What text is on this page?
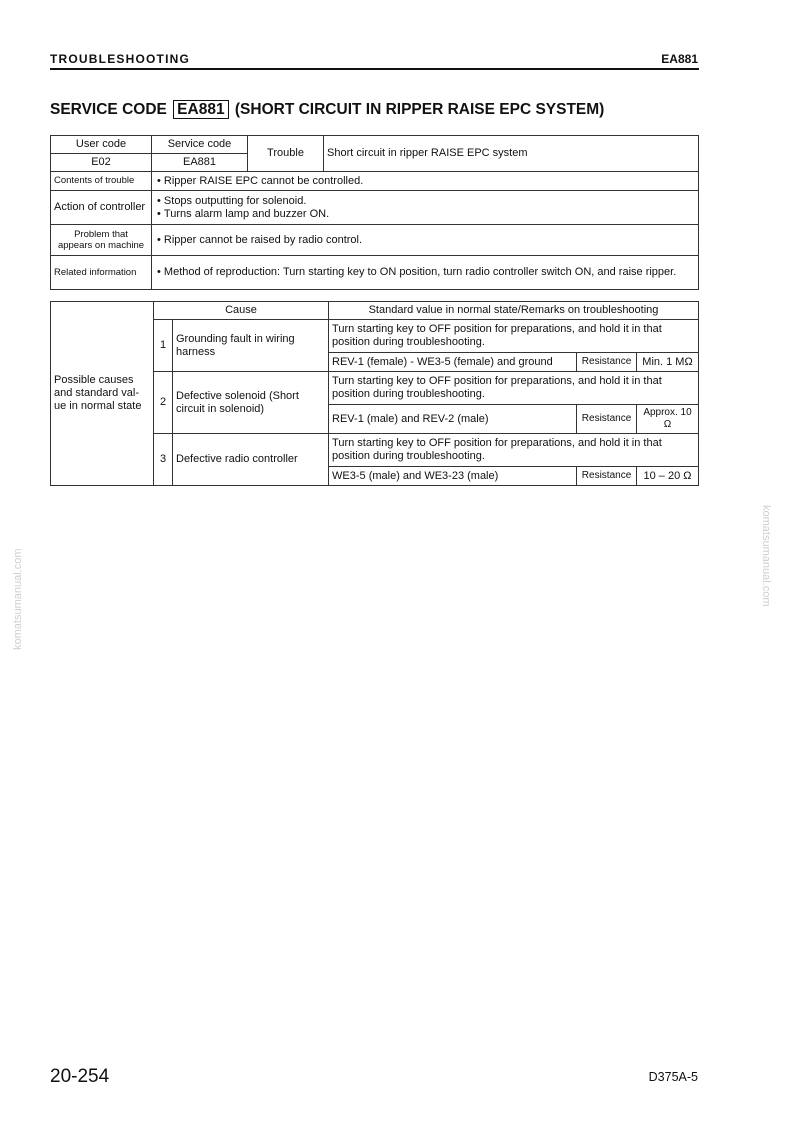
TROUBLESHOOTING	EA881
SERVICE CODE EA881 (SHORT CIRCUIT IN RIPPER RAISE EPC SYSTEM)
User code	Service code	Trouble	Short circuit in ripper RAISE EPC system
E02	EA881		
Contents of trouble	• Ripper RAISE EPC cannot be controlled.		

Action of controller	• Stops outputting for solenoid.
• Turns alarm lamp and buzzer ON.		

Problem that
appears on machine	• Ripper cannot be raised by radio control.		

Related information	• Method of reproduction: Turn starting key to ON position, turn radio controller switch ON, and raise ripper.		
Possible causes
and standard val-
ue in normal state	Cause		Standard value in normal state/Remarks on troubleshooting		
	1	Grounding fault in wiring harness	Turn starting key to OFF position for preparations, and hold it in that position during troubleshooting.		
			REV-1 (female) - WE3-5 (female) and ground	Resistance	Min. 1 MΩ
	2	Defective solenoid (Short circuit in solenoid)	Turn starting key to OFF position for preparations, and hold it in that position during troubleshooting.		
			REV-1 (male) and REV-2 (male)	Resistance	Approx. 10 Ω
	3	Defective radio controller	Turn starting key to OFF position for preparations, and hold it in that position during troubleshooting.		
			WE3-5 (male) and WE3-23 (male)	Resistance	10 – 20 Ω
20-254	D375A-5
komatsumanual.com	komatsumanual.com
